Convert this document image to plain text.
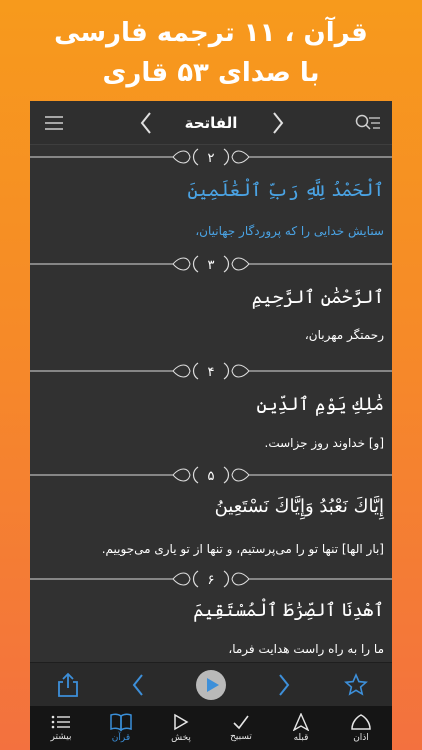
قرآن ، ۱۱ ترجمه فارسی
با صدای ۵۳ قاری
الفاتحة
۲
ٱلْحَمْدُ لِلَّهِ رَبِّ ٱلْعَٰلَمِينَ
ستایش خدایی را که پروردگار جهانیان،
۳
ٱلرَّحْمَٰنِ ٱلرَّحِيمِ
رحمتگر مهربان،
۴
مَٰلِكِ يَوْمِ ٱلدِّينِ
[و] خداوند روز جزاست.
۵
إِيَّاكَ نَعْبُدُ وَإِيَّاكَ نَسْتَعِينُ
[بار الها] تنها تو را می‌پرستیم، و تنها از تو یاری می‌جوییم.
۶
ٱهْدِنَا ٱلصِّرَٰطَ ٱلْمُسْتَقِيمَ
ما را به راه راست هدایت فرما،
بیشتر	قرآن	پخش	تسبیح	قبله	اذان
